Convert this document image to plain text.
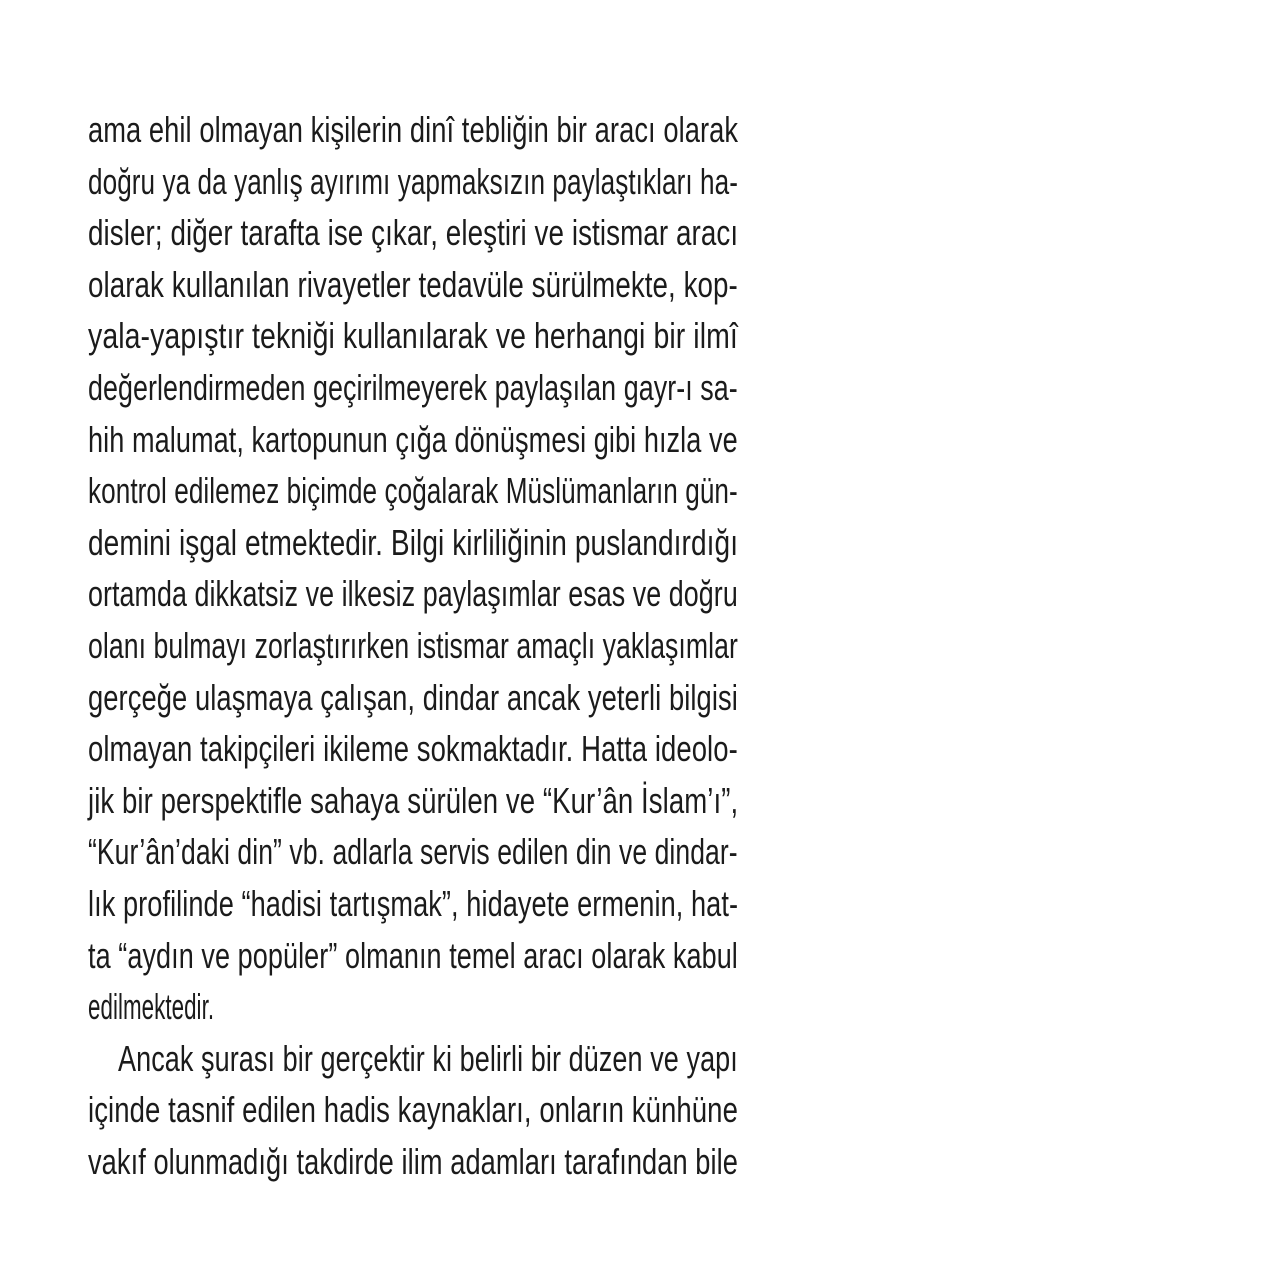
ama ehil olmayan kişilerin dinî tebliğin bir aracı olarak
doğru ya da yanlış ayırımı yapmaksızın paylaştıkları ha-
disler; diğer tarafta ise çıkar, eleştiri ve istismar aracı
olarak kullanılan rivayetler tedavüle sürülmekte, kop-
yala-yapıştır tekniği kullanılarak ve herhangi bir ilmî
değerlendirmeden geçirilmeyerek paylaşılan gayr-ı sa-
hih malumat, kartopunun çığa dönüşmesi gibi hızla ve
kontrol edilemez biçimde çoğalarak Müslümanların gün-
demini işgal etmektedir. Bilgi kirliliğinin puslandırdığı
ortamda dikkatsiz ve ilkesiz paylaşımlar esas ve doğru
olanı bulmayı zorlaştırırken istismar amaçlı yaklaşımlar
gerçeğe ulaşmaya çalışan, dindar ancak yeterli bilgisi
olmayan takipçileri ikileme sokmaktadır. Hatta ideolo-
jik bir perspektifle sahaya sürülen ve “Kur’ân İslam’ı”,
“Kur’ân’daki din” vb. adlarla servis edilen din ve dindar-
lık profilinde “hadisi tartışmak”, hidayete ermenin, hat-
ta “aydın ve popüler” olmanın temel aracı olarak kabul
edilmektedir.
Ancak şurası bir gerçektir ki belirli bir düzen ve yapı
içinde tasnif edilen hadis kaynakları, onların künhüne
vakıf olunmadığı takdirde ilim adamları tarafından bile
